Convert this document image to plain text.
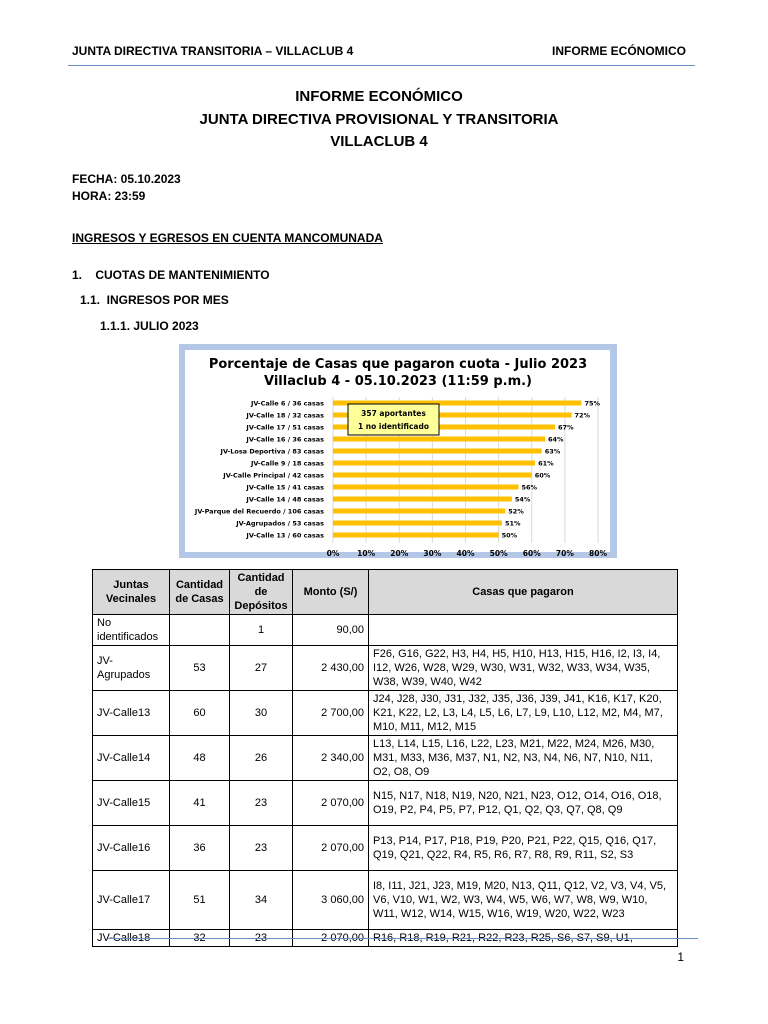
JUNTA DIRECTIVA TRANSITORIA – VILLACLUB 4	INFORME ECÓNOMICO
INFORME ECONÓMICO
JUNTA DIRECTIVA PROVISIONAL Y TRANSITORIA
VILLACLUB 4
FECHA: 05.10.2023
HORA: 23:59
INGRESOS Y EGRESOS EN CUENTA MANCOMUNADA
1.    CUOTAS DE MANTENIMIENTO
1.1.  INGRESOS POR MES
1.1.1. JULIO 2023
Porcentaje de Casas que pagaron cuota - Julio 2023
Villaclub 4 - 05.10.2023 (11:59 p.m.)
0% 10% 20% 30% 40% 50% 60% 70% 80%
JV-Calle 6 / 36 casas	75%
JV-Calle 18 / 32 casas	72%
JV-Calle 17 / 51 casas	67%
JV-Calle 16 / 36 casas	64%
JV-Losa Deportiva / 83 casas	63%
JV-Calle 9 / 18 casas	61%
JV-Calle Principal / 42 casas	60%
JV-Calle 15 / 41 casas	56%
JV-Calle 14 / 48 casas	54%
JV-Parque del Recuerdo / 106 casas	52%
JV-Agrupados / 53 casas	51%
JV-Calle 13 / 60 casas	50%
357 aportantes
1 no identificado
Juntas Vecinales	Cantidad de Casas	Cantidad de Depósitos	Monto (S/)	Casas que pagaron
No identificados		1	90,00	
JV-Agrupados	53	27	2 430,00	F26, G16, G22, H3, H4, H5, H10, H13, H15, H16, I2, I3, I4, I12, W26, W28, W29, W30, W31, W32, W33, W34, W35, W38, W39, W40, W42
JV-Calle13	60	30	2 700,00	J24, J28, J30, J31, J32, J35, J36, J39, J41, K16, K17, K20, K21, K22, L2, L3, L4, L5, L6, L7, L9, L10, L12, M2, M4, M7, M10, M11, M12, M15
JV-Calle14	48	26	2 340,00	L13, L14, L15, L16, L22, L23, M21, M22, M24, M26, M30, M31, M33, M36, M37, N1, N2, N3, N4, N6, N7, N10, N11, O2, O8, O9
JV-Calle15	41	23	2 070,00	N15, N17, N18, N19, N20, N21, N23, O12, O14, O16, O18, O19, P2, P4, P5, P7, P12, Q1, Q2, Q3, Q7, Q8, Q9
JV-Calle16	36	23	2 070,00	P13, P14, P17, P18, P19, P20, P21, P22, Q15, Q16, Q17, Q19, Q21, Q22, R4, R5, R6, R7, R8, R9, R11, S2, S3
JV-Calle17	51	34	3 060,00	I8, I11, J21, J23, M19, M20, N13, Q11, Q12, V2, V3, V4, V5, V6, V10, W1, W2, W3, W4, W5, W6, W7, W8, W9, W10, W11, W12, W14, W15, W16, W19, W20, W22, W23
JV-Calle18	32	23	2 070,00	R16, R18, R19, R21, R22, R23, R25, S6, S7, S9, U1,
1
